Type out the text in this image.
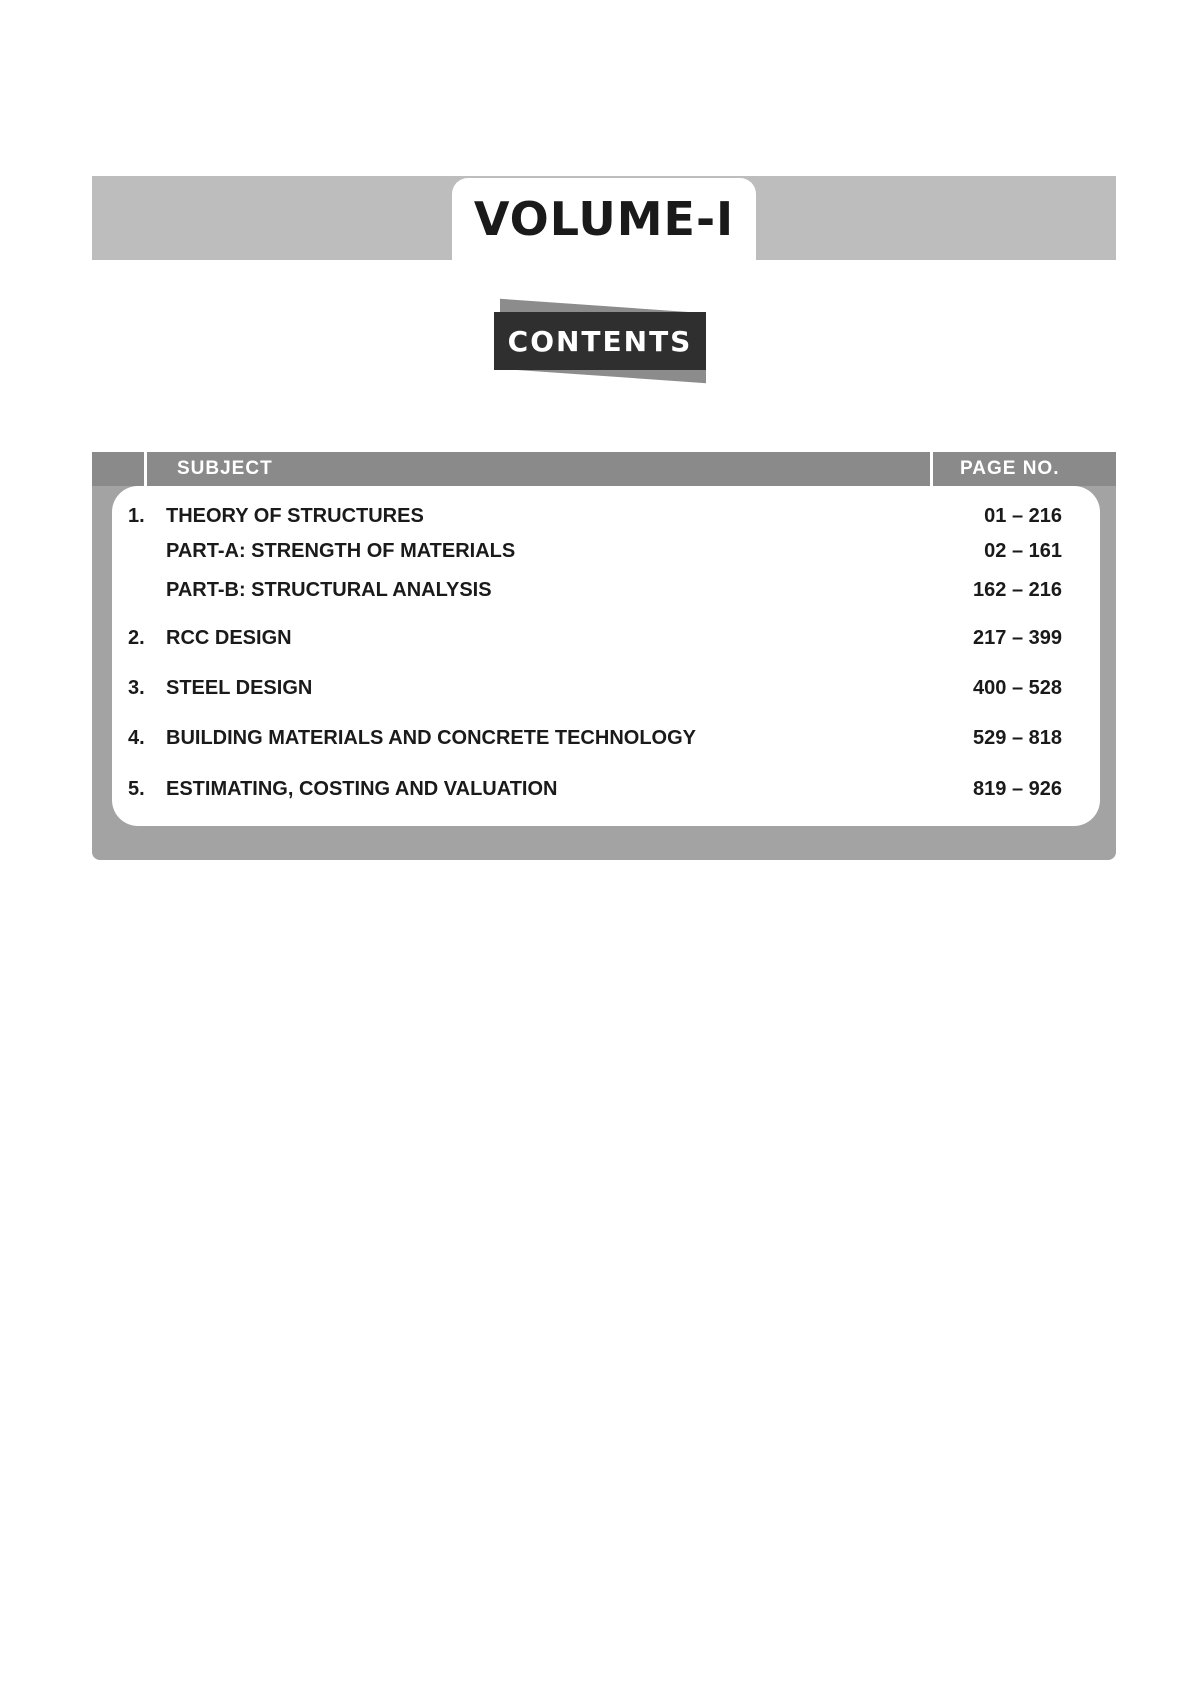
VOLUME-I
CONTENTS
SUBJECT	PAGE NO.
1. THEORY OF STRUCTURES	01 – 216
PART-A: STRENGTH OF MATERIALS	02 – 161
PART-B: STRUCTURAL ANALYSIS	162 – 216
2. RCC DESIGN	217 – 399
3. STEEL DESIGN	400 – 528
4. BUILDING MATERIALS AND CONCRETE TECHNOLOGY	529 – 818
5. ESTIMATING, COSTING AND VALUATION	819 – 926
